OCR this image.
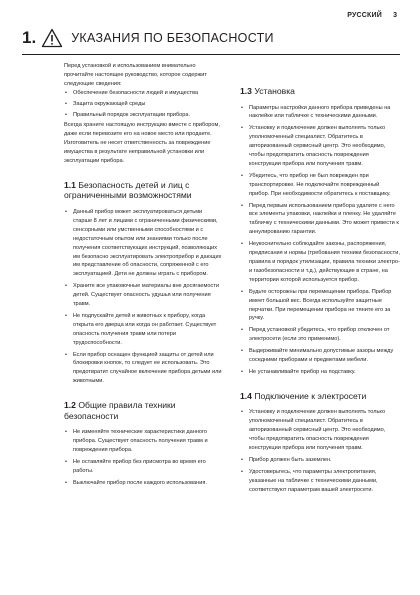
РУССКИЙ 3
1.	УКАЗАНИЯ ПО БЕЗОПАСНОСТИ

Перед установкой и использованием внимательно прочитайте настоящее руководство, которое содержит следующие сведения:

• Обеспечение безопасности людей и имущества
• Защита окружающей среды
• Правильный порядок эксплуатации прибора.

Всегда храните настоящую инструкцию вместе с прибором, даже если перевозите его на новое место или продаете.

Изготовитель не несет ответственность за повреждение имущества в результате неправильной установки или эксплуатации прибора.

1.1 Безопасность детей и лиц с ограниченными возможностями
• Данный прибор может эксплуатироваться детьми старше 8 лет и лицами с ограниченными физическими, сенсорными или умственными способностями и с недостаточным опытом или знаниями только после получения соответствующих инструкций, позволяющих им безопасно эксплуатировать электроприбор и дающих им представление об опасности, сопряженной с его эксплуатацией. Дети не должны играть с прибором.
• Храните все упаковочные материалы вне досягаемости детей. Существует опасность удушья или получения травм.
• Не подпускайте детей и животных к прибору, когда открыта его дверца или когда он работает. Существует опасность получения травм или потери трудоспособности.
• Если прибор оснащен функцией защиты от детей или блокировки кнопок, то следует ее использовать. Это предотвратит случайное включение прибора детьми или животными.
1.2 Общие правила техники безопасности
• Не изменяйте технические характеристики данного прибора. Существует опасность получения травм и повреждения прибора.
• Не оставляйте прибор без присмотра во время его работы.
• Выключайте прибор после каждого использования.
1.3 Установка
• Параметры настройки данного прибора приведены на наклейке или табличке с техническими данными.
• Установку и подключение должен выполнять только уполномоченный специалист. Обратитесь в авторизованный сервисный центр. Это необходимо, чтобы предотвратить опасность повреждения конструкции прибора или получения травм.
• Убедитесь, что прибор не был поврежден при транспортировке. Не подключайте поврежденный прибор. При необходимости обратитесь к поставщику.
• Перед первым использованием прибора удалите с него все элементы упаковки, наклейки и пленку. Не удаляйте табличку с техническими данными. Это может привести к аннулированию гарантии.
• Неукоснительно соблюдайте законы, распоряжения, предписания и нормы (требования техники безопасности, правила и порядок утилизации, правила техники электро- и газобезопасности и т.д.), действующие в стране, на территории которой используется прибор.
• Будьте осторожны при перемещении прибора. Прибор имеет большой вес. Всегда используйте защитные перчатки. При перемещении прибора не тяните его за ручку.
• Перед установкой убедитесь, что прибор отключен от электросети (если это применимо).
• Выдерживайте минимально допустимые зазоры между соседними приборами и предметами мебели.
• Не устанавливайте прибор на подставку.
1.4 Подключение к электросети
• Установку и подключение должен выполнять только уполномоченный специалист. Обратитесь в авторизованный сервисный центр. Это необходимо, чтобы предотвратить опасность повреждения конструкции прибора или получения травм.
• Прибор должен быть заземлен.
• Удостоверьтесь, что параметры электропитания, указанные на табличке с техническими данными, соответствуют параметрам вашей электросети.
